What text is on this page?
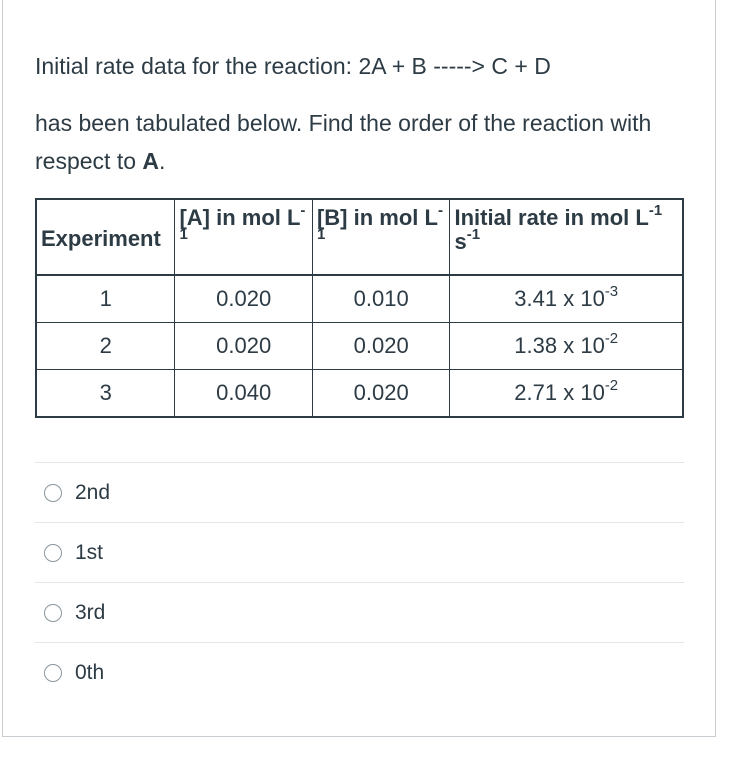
Initial rate data for the reaction: 2A + B -----> C + D
has been tabulated below. Find the order of the reaction with respect to A.
Experiment	[A] in mol $L^{-1}$	[B] in mol $L^{-1}$	Initial rate in mol $L^{-1}$ $s^{-1}$
1	0.020	0.010	3.41 x $10^{-3}$
2	0.020	0.020	1.38 x $10^{-2}$
3	0.040	0.020	2.71 x $10^{-2}$
2nd
1st
3rd
0th
